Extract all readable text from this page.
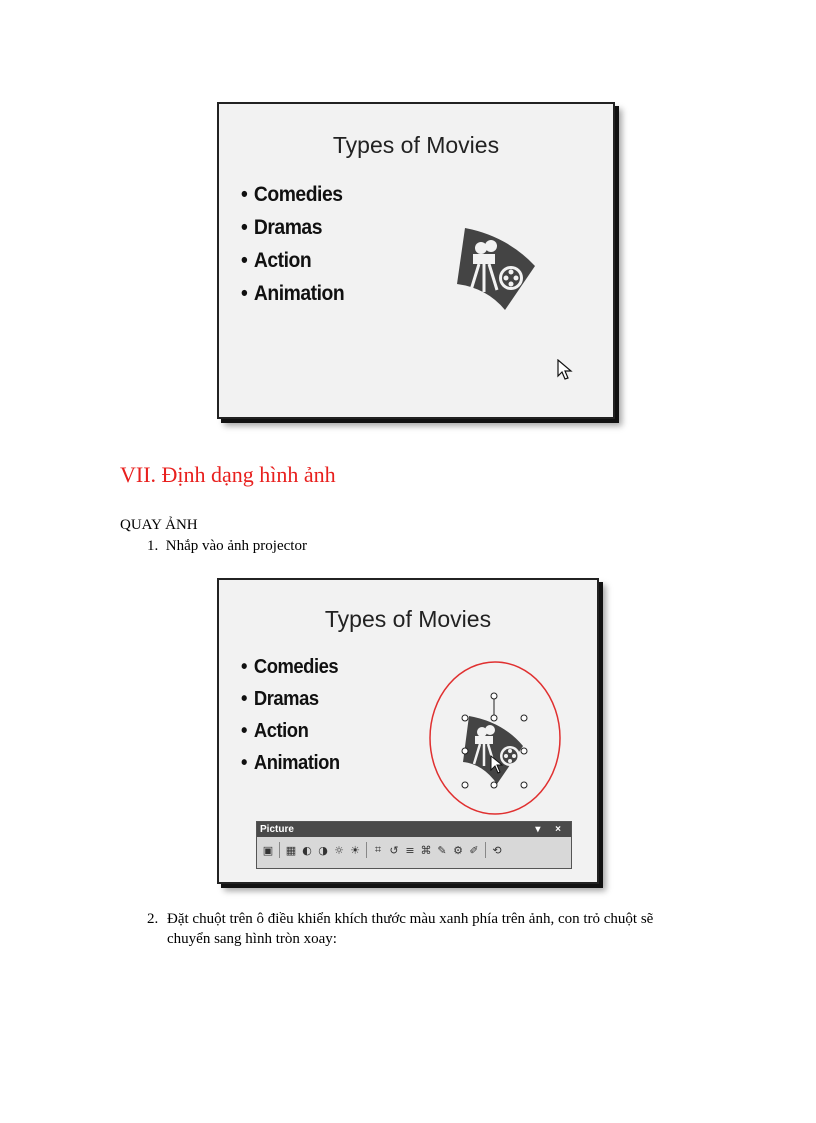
Types of Movies
• Comedies
• Dramas
• Action
• Animation
VII. Định dạng hình ảnh
QUAY ẢNH
1.  Nhắp vào ảnh projector
Types of Movies
• Comedies
• Dramas
• Action
• Animation
Picture	▾ ×
▣ ▦ ◐ ◑ ☼ ☀	⌗ ↺ ≡ ⌘ ✎ ⚙ ✐ ⟲
2. Đặt chuột trên ô điều khiển khích thước màu xanh phía trên ảnh, con trỏ chuột sẽ
chuyển sang hình tròn xoay:
